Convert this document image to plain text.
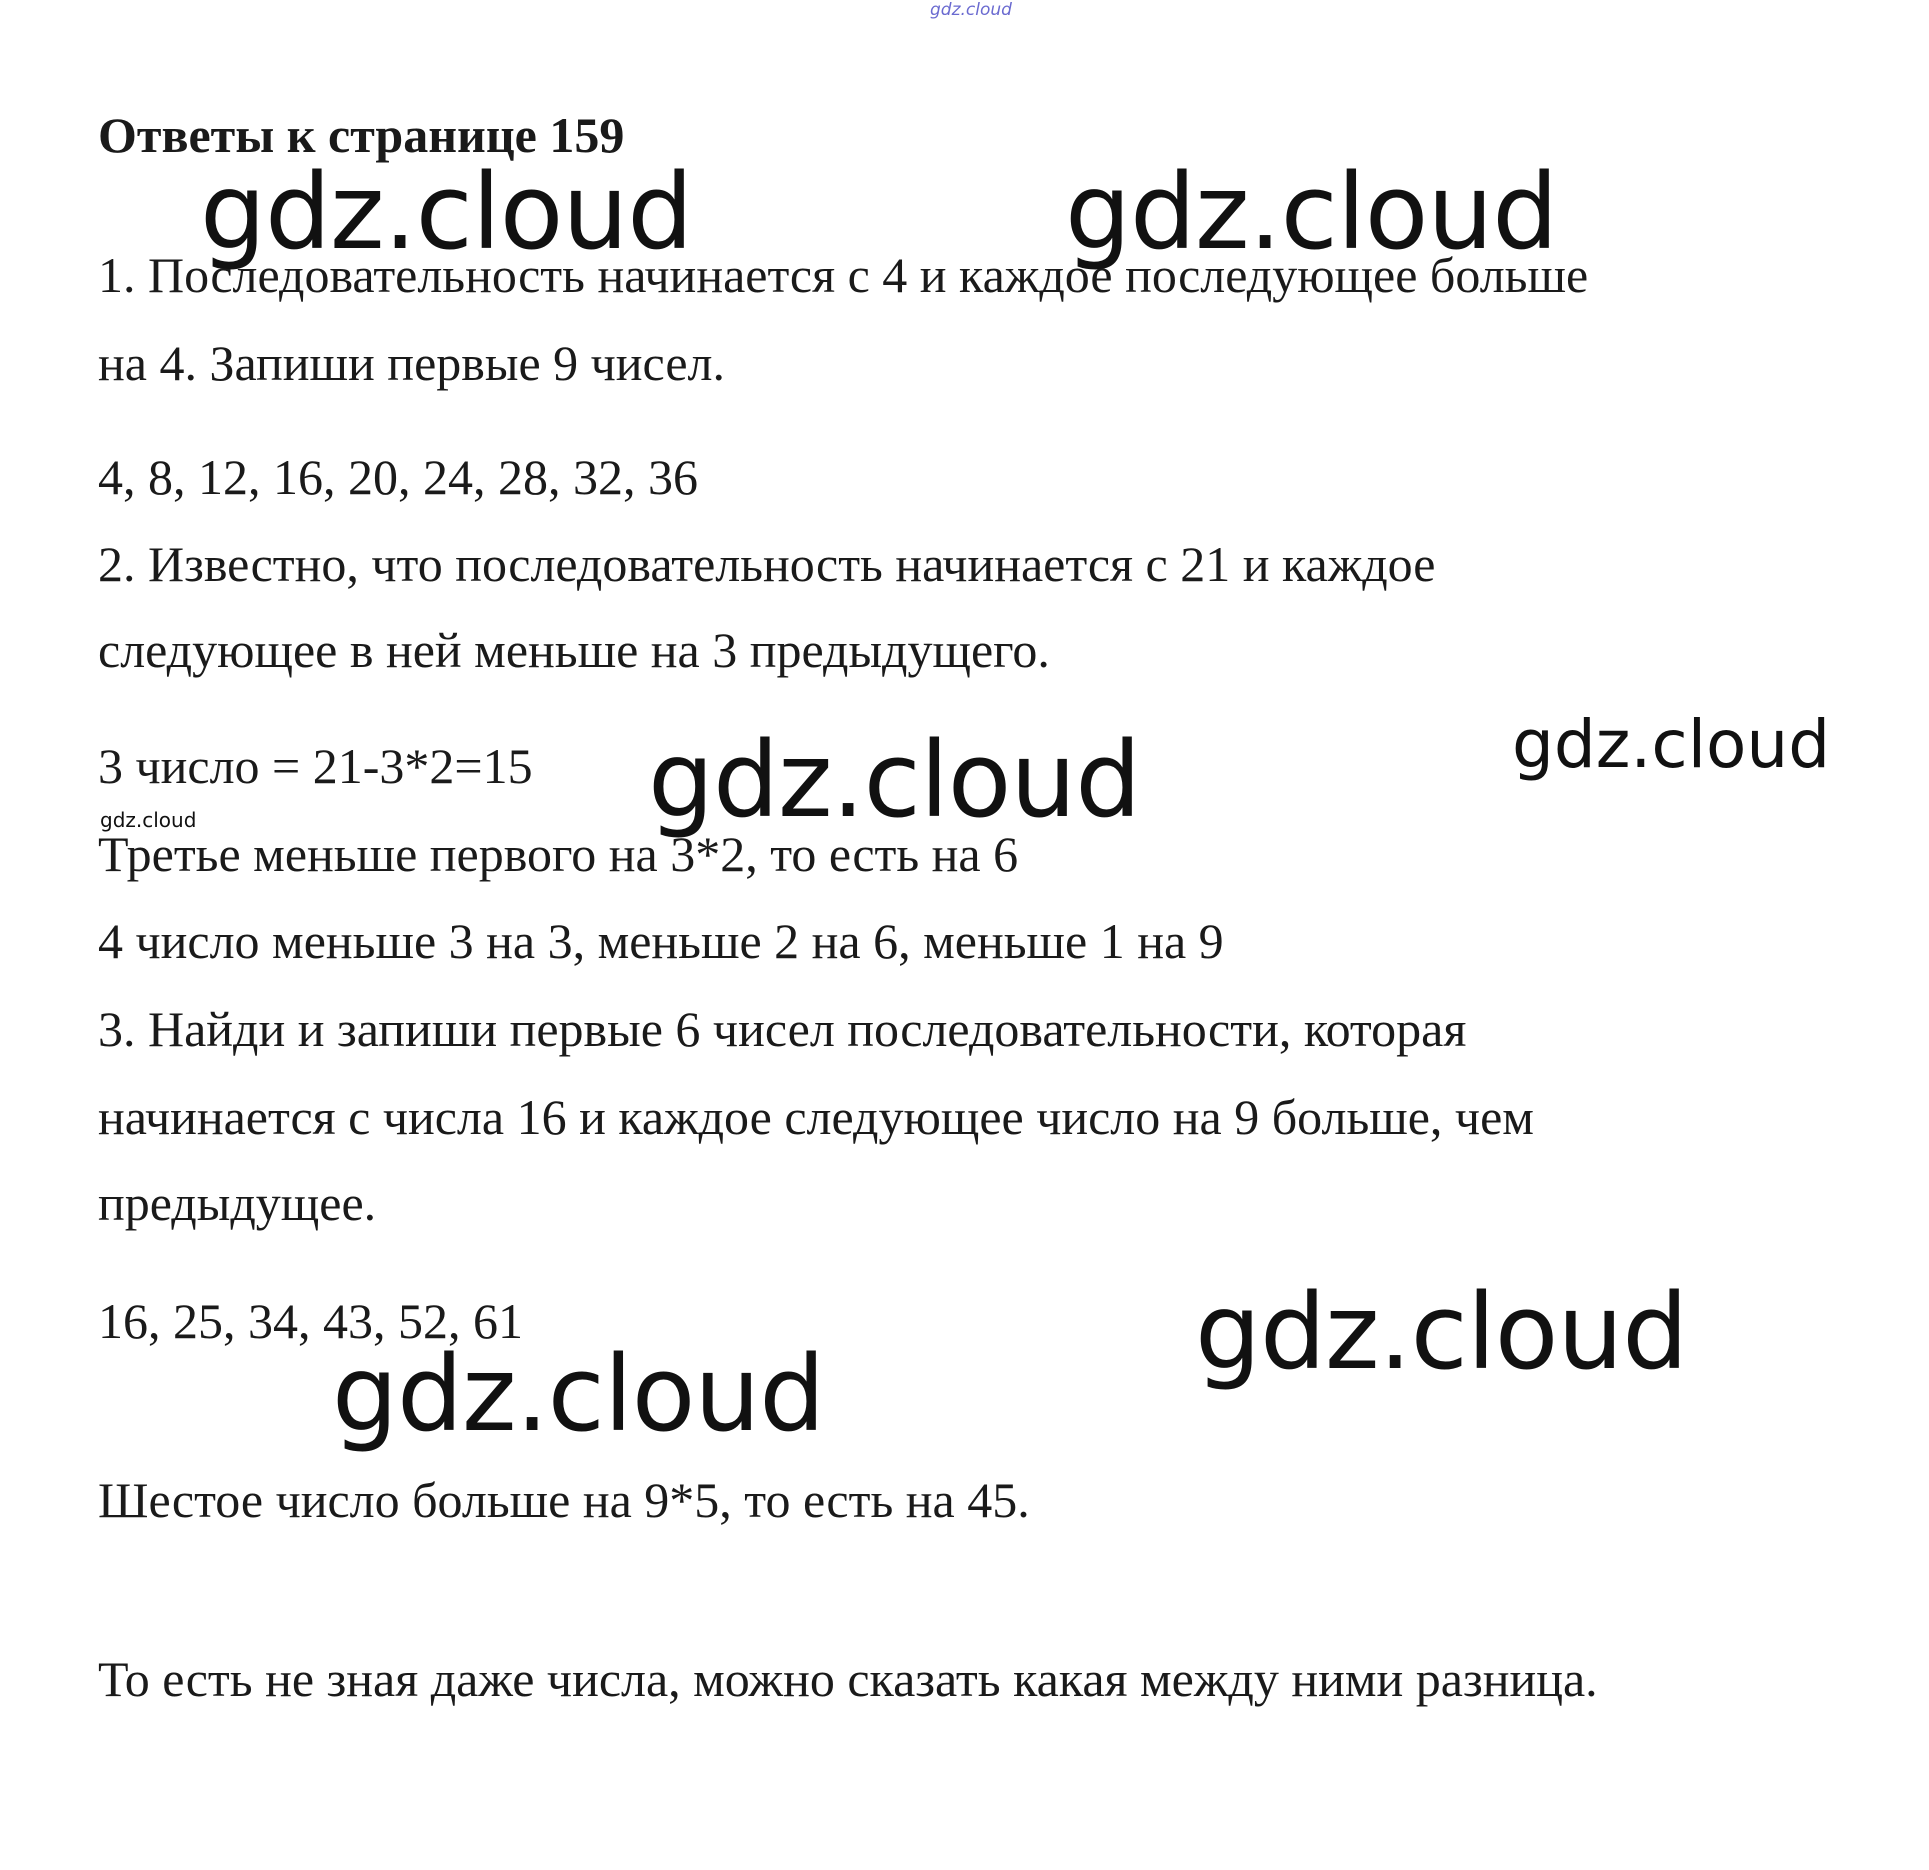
gdz.cloud
gdz.cloud	gdz.cloud
gdz.cloud
gdz.cloud
gdz.cloud
gdz.cloud
gdz.cloud
Ответы к странице 159
1. Последовательность начинается с 4 и каждое последующее больше
на 4. Запиши первые 9 чисел.
4, 8, 12, 16, 20, 24, 28, 32, 36
2. Известно, что последовательность начинается с 21 и каждое
следующее в ней меньше на 3 предыдущего.
3 число = 21-3*2=15
Третье меньше первого на 3*2, то есть на 6
4 число меньше 3 на 3, меньше 2 на 6, меньше 1 на 9
3. Найди и запиши первые 6 чисел последовательности, которая
начинается с числа 16 и каждое следующее число на 9 больше, чем
предыдущее.
16, 25, 34, 43, 52, 61
Шестое число больше на 9*5, то есть на 45.
То есть не зная даже числа, можно сказать какая между ними разница.
